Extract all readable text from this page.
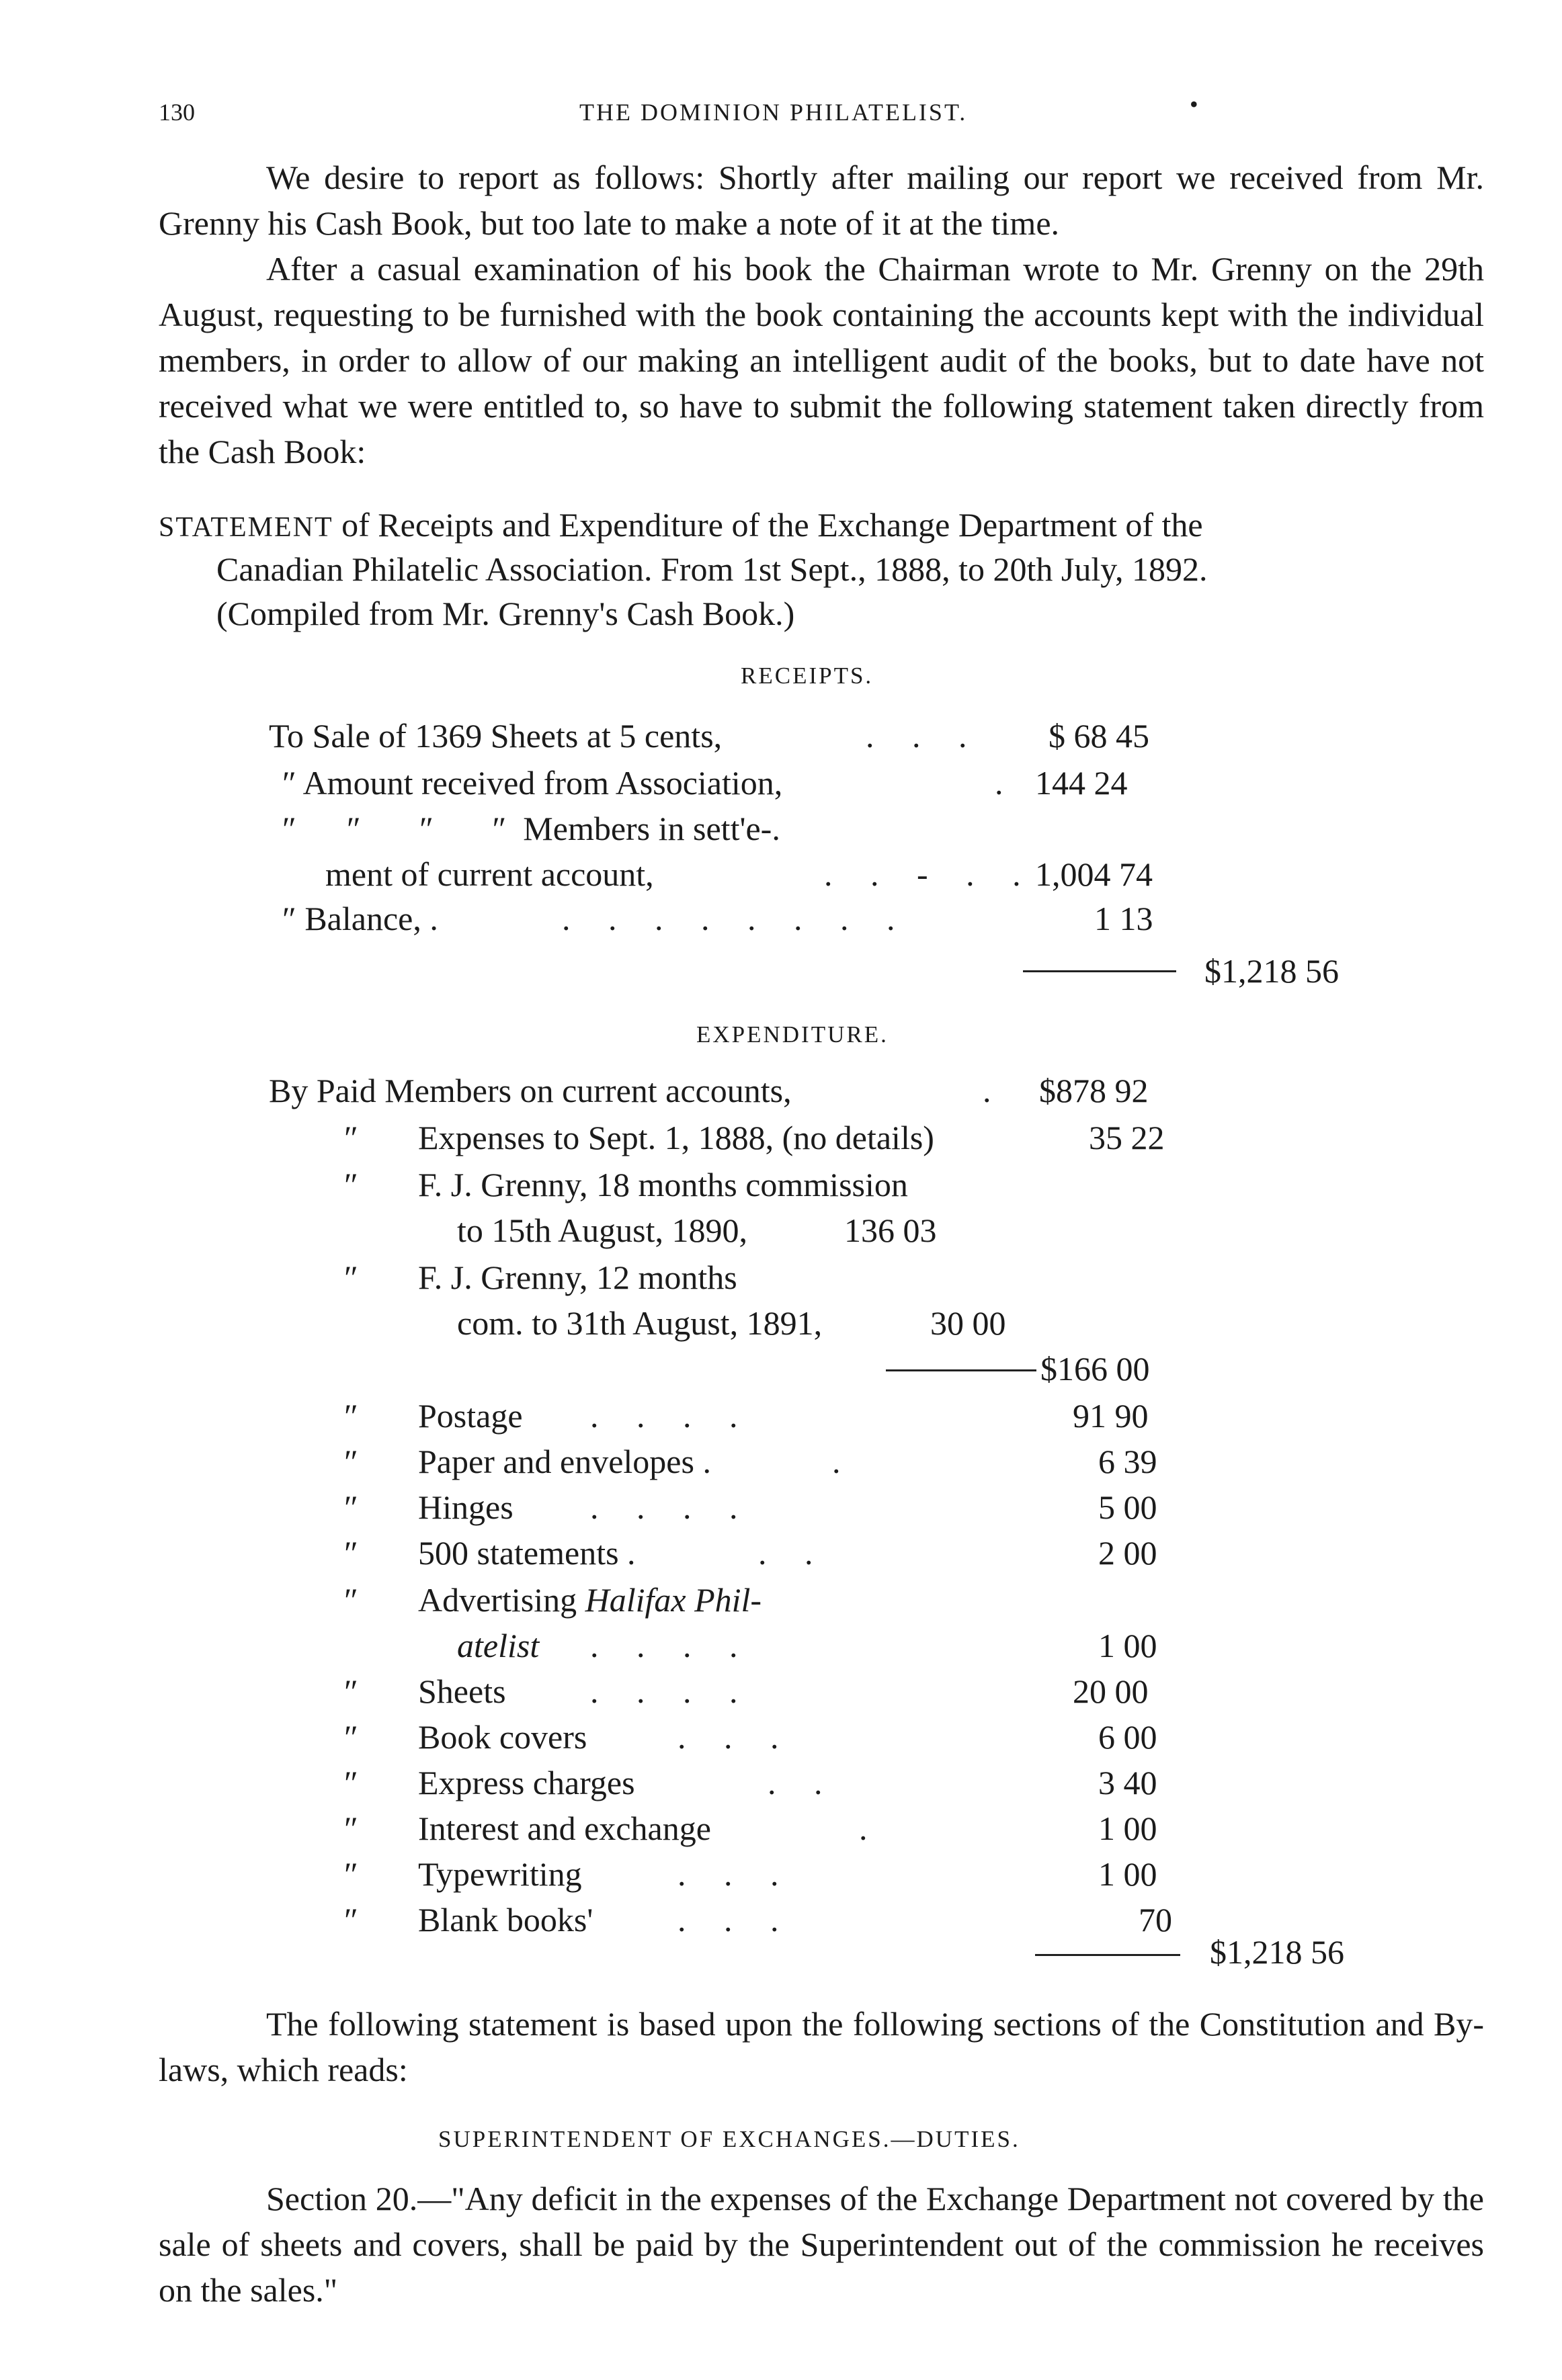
130	THE DOMINION PHILATELIST.	•

We desire to report as follows: Shortly after mailing our report we received from Mr. Grenny his Cash Book, but too late to make a note of it at the time.

After a casual examination of his book the Chairman wrote to Mr. Grenny on the 29th August, requesting to be furnished with the book containing the accounts kept with the individual members, in order to allow of our making an intelligent audit of the books, but to date have not received what we were entitled to, so have to submit the following statement taken directly from the Cash Book:

STATEMENT of Receipts and Expenditure of the Exchange Department of the
Canadian Philatelic Association. From 1st Sept., 1888, to 20th July, 1892.
(Compiled from Mr. Grenny's Cash Book.)
RECEIPTS.
To Sale of 1369 Sheets at 5 cents,	. . . $ 68 45
″ Amount received from Association,	. 144 24
″      ″       ″       ″  Members in sett'e-.
ment of current account,	. . - . . 1,004 74
″ Balance, .	. . . . . . . .	1 13
$1,218 56
EXPENDITURE.
By Paid Members on current accounts,	. $878 92
″ Expenses to Sept. 1, 1888, (no details)	35 22
″ F. J. Grenny, 18 months commission
to 15th August, 1890,	136 03
″ F. J. Grenny, 12 months
com. to 31th August, 1891,	30 00
$166 00
″ Postage . . . .	91 90
″ Paper and envelopes .	.	6 39
″ Hinges . . . .	5 00
″ 500 statements .	. .	2 00
″ Advertising Halifax Phil-
atelist . . . .	1 00
″ Sheets	. . . .	20 00
″ Book covers	. . .	6 00
″ Express charges	. .	3 40
″ Interest and exchange	.	1 00
″ Typewriting	. . .	1 00
″ Blank books'	. . .	70
$1,218 56

The following statement is based upon the following sections of the Constitution and By-laws, which reads:

SUPERINTENDENT OF EXCHANGES.—DUTIES.

Section 20.—"Any deficit in the expenses of the Exchange Department not covered by the sale of sheets and covers, shall be paid by the Superintendent out of the commission he receives on the sales."
